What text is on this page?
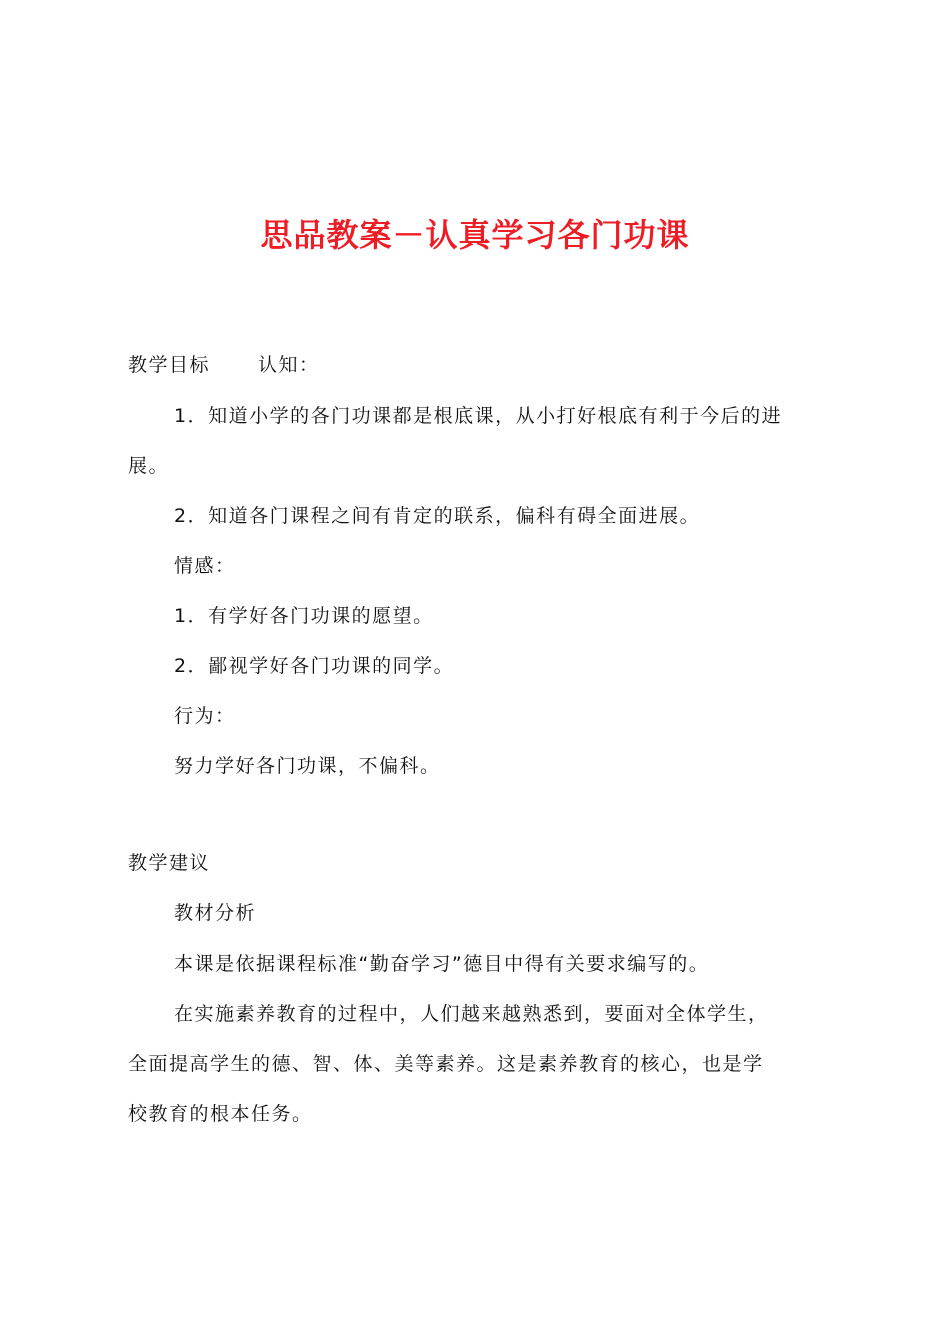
思品教案－认真学习各门功课

教学目标	认知：

1．知道小学的各门功课都是根底课，从小打好根底有利于今后的进

展。

2．知道各门课程之间有肯定的联系，偏科有碍全面进展。

情感：

1．有学好各门功课的愿望。

2．鄙视学好各门功课的同学。

行为：

努力学好各门功课，不偏科。

教学建议

教材分析

本课是依据课程标准“勤奋学习”德目中得有关要求编写的。

在实施素养教育的过程中，人们越来越熟悉到，要面对全体学生，

全面提高学生的德、智、体、美等素养。这是素养教育的核心，也是学

校教育的根本任务。
